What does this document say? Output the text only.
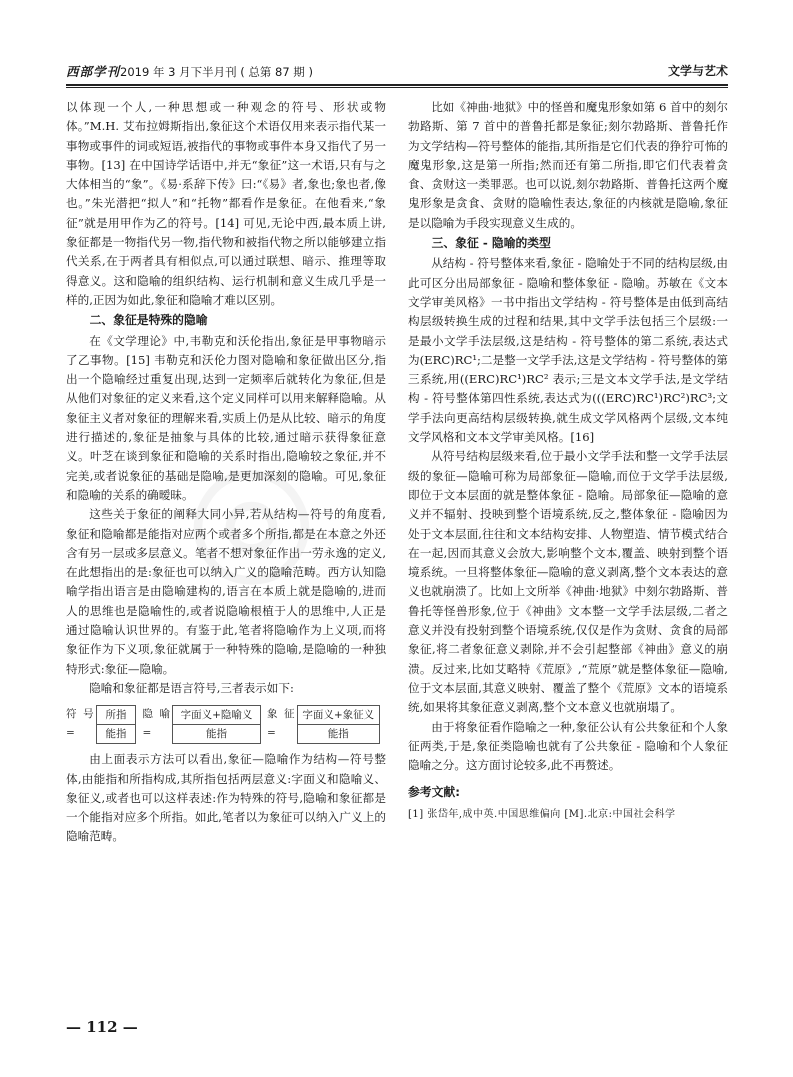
西部学刊2019 年 3 月下半月刊 ( 总第 87 期 )	文学与艺术

以体现一个人,一种思想或一种观念的符号、形状或物体。”M.H. 艾布拉姆斯指出,象征这个术语仅用来表示指代某一事物或事件的词或短语,被指代的事物或事件本身又指代了另一事物。[13] 在中国诗学话语中,并无“象征”这一术语,只有与之大体相当的“象”。《易·系辞下传》曰:“《易》者,象也;象也者,像也。”朱光潜把“拟人”和“托物”都看作是象征。在他看来,“象征”就是用甲作为乙的符号。[14] 可见,无论中西,最本质上讲,象征都是一物指代另一物,指代物和被指代物之所以能够建立指代关系,在于两者具有相似点,可以通过联想、暗示、推理等取得意义。这和隐喻的组织结构、运行机制和意义生成几乎是一样的,正因为如此,象征和隐喻才难以区别。

二、象征是特殊的隐喻

在《文学理论》中,韦勒克和沃伦指出,象征是甲事物暗示了乙事物。[15] 韦勒克和沃伦力图对隐喻和象征做出区分,指出一个隐喻经过重复出现,达到一定频率后就转化为象征,但是从他们对象征的定义来看,这个定义同样可以用来解释隐喻。从象征主义者对象征的理解来看,实质上仍是从比较、暗示的角度进行描述的,象征是抽象与具体的比较,通过暗示获得象征意义。叶芝在谈到象征和隐喻的关系时指出,隐喻较之象征,并不完美,或者说象征的基础是隐喻,是更加深刻的隐喻。可见,象征和隐喻的关系的确暧昧。

这些关于象征的阐释大同小异,若从结构—符号的角度看,象征和隐喻都是能指对应两个或者多个所指,都是在本意之外还含有另一层或多层意义。笔者不想对象征作出一劳永逸的定义,在此想指出的是:象征也可以纳入广义的隐喻范畴。西方认知隐喻学指出语言是由隐喻建构的,语言在本质上就是隐喻的,进而人的思维也是隐喻性的,或者说隐喻根植于人的思维中,人正是通过隐喻认识世界的。有鉴于此,笔者将隐喻作为上义项,而将象征作为下义项,象征就属于一种特殊的隐喻,是隐喻的一种独特形式:象征—隐喻。

隐喻和象征都是语言符号,三者表示如下:

符号=
所指
能指
隐喻=
字面义+隐喻义
能指
象征=
字面义+象征义
能指

由上面表示方法可以看出,象征—隐喻作为结构—符号整体,由能指和所指构成,其所指包括两层意义:字面义和隐喻义、象征义,或者也可以这样表述:作为特殊的符号,隐喻和象征都是一个能指对应多个所指。如此,笔者以为象征可以纳入广义上的隐喻范畴。

比如《神曲·地狱》中的怪兽和魔鬼形象如第 6 首中的刻尔勃路斯、第 7 首中的普鲁托都是象征;刻尔勃路斯、普鲁托作为文学结构—符号整体的能指,其所指是它们代表的狰狞可怖的魔鬼形象,这是第一所指;然而还有第二所指,即它们代表着贪食、贪财这一类罪恶。也可以说,刻尔勃路斯、普鲁托这两个魔鬼形象是贪食、贪财的隐喻性表达,象征的内核就是隐喻,象征是以隐喻为手段实现意义生成的。

三、象征 - 隐喻的类型

从结构 - 符号整体来看,象征 - 隐喻处于不同的结构层级,由此可区分出局部象征 - 隐喻和整体象征 - 隐喻。苏敏在《文本文学审美风格》一书中指出文学结构 - 符号整体是由低到高结构层级转换生成的过程和结果,其中文学手法包括三个层级:一是最小文学手法层级,这是结构 - 符号整体的第二系统,表达式为(ERC)RC¹;二是整一文学手法,这是文学结构 - 符号整体的第三系统,用((ERC)RC¹)RC² 表示;三是文本文学手法,是文学结构 - 符号整体第四性系统,表达式为(((ERC)RC¹)RC²)RC³;文学手法向更高结构层级转换,就生成文学风格两个层级,文本纯文学风格和文本文学审美风格。[16]

从符号结构层级来看,位于最小文学手法和整一文学手法层级的象征—隐喻可称为局部象征—隐喻,而位于文学手法层级,即位于文本层面的就是整体象征 - 隐喻。局部象征—隐喻的意义并不辐射、投映到整个语境系统,反之,整体象征 - 隐喻因为处于文本层面,往往和文本结构安排、人物塑造、情节模式结合在一起,因而其意义会放大,影响整个文本,覆盖、映射到整个语境系统。一旦将整体象征—隐喻的意义剥离,整个文本表达的意义也就崩溃了。比如上文所举《神曲·地狱》中刻尔勃路斯、普鲁托等怪兽形象,位于《神曲》文本整一文学手法层级,二者之意义并没有投射到整个语境系统,仅仅是作为贪财、贪食的局部象征,将二者象征意义剥除,并不会引起整部《神曲》意义的崩溃。反过来,比如艾略特《荒原》,“荒原”就是整体象征—隐喻,位于文本层面,其意义映射、覆盖了整个《荒原》文本的语境系统,如果将其象征意义剥离,整个文本意义也就崩塌了。

由于将象征看作隐喻之一种,象征公认有公共象征和个人象征两类,于是,象征类隐喻也就有了公共象征 - 隐喻和个人象征隐喻之分。这方面讨论较多,此不再赘述。

参考文献:
[1] 张岱年,成中英.中国思维偏向 [M].北京:中国社会科学
— 112 —
